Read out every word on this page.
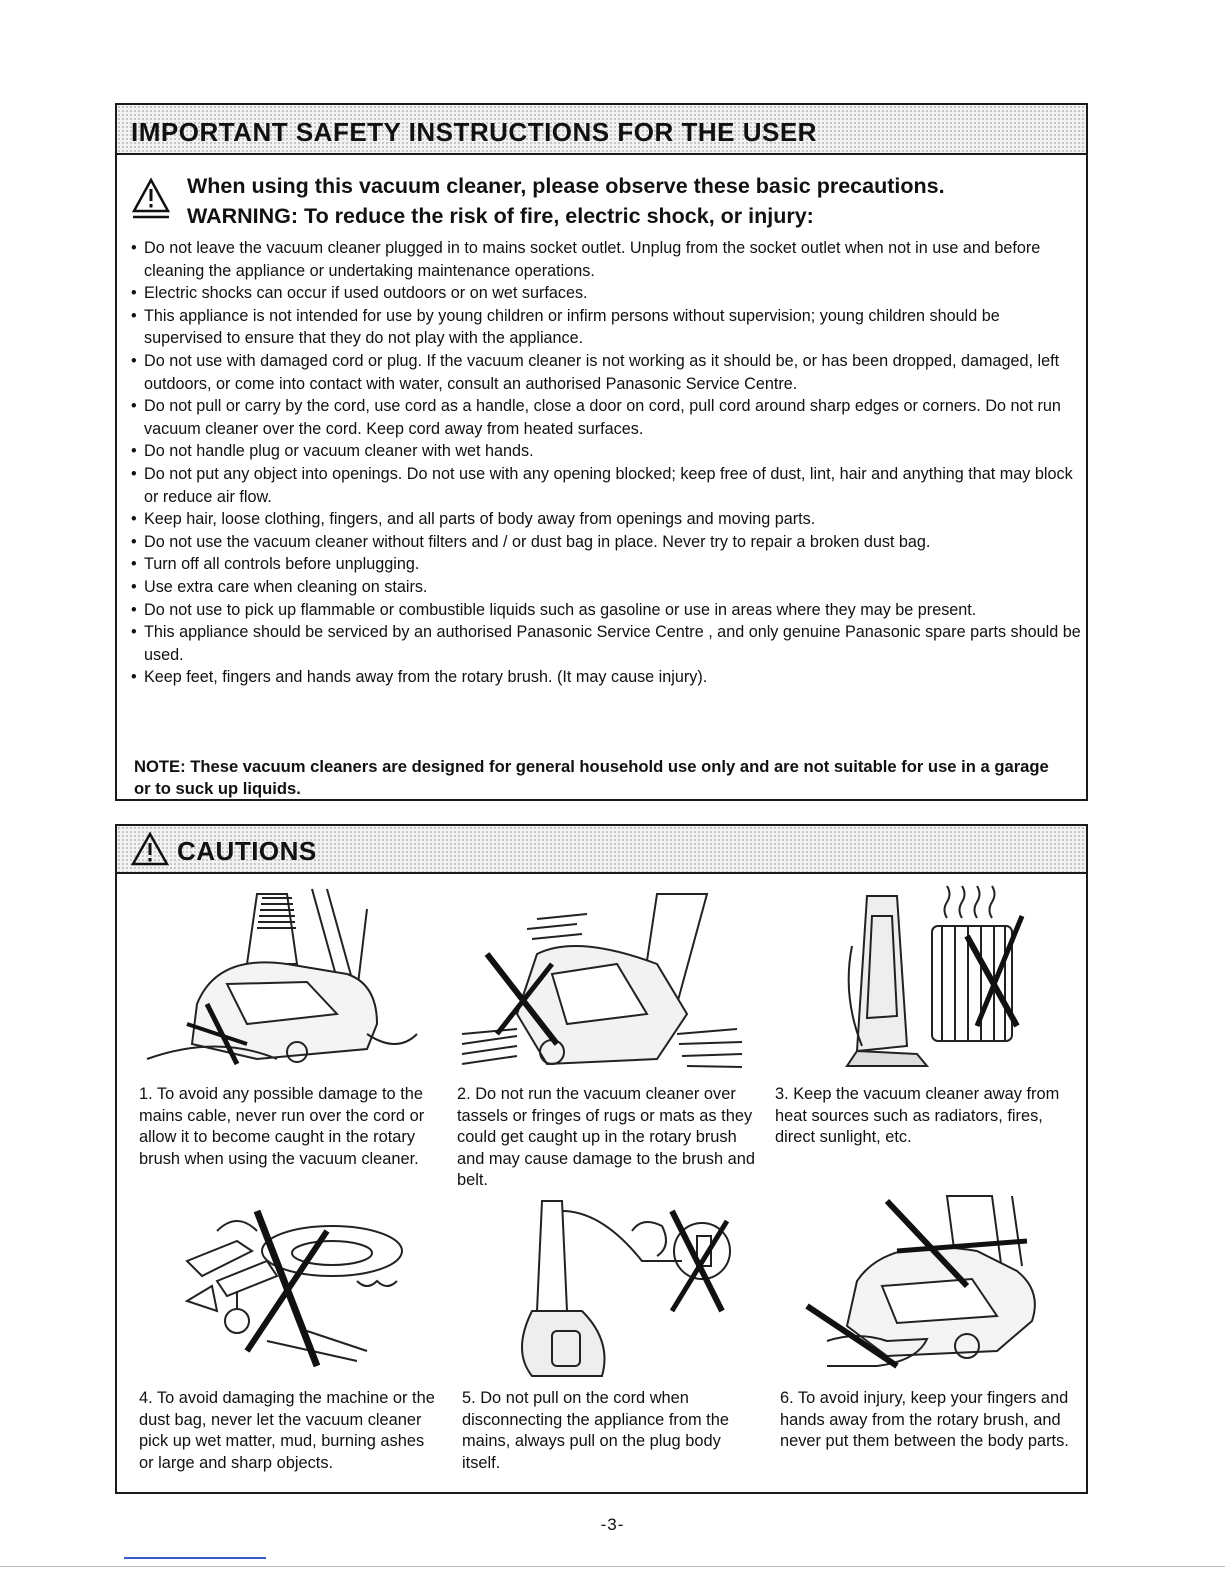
IMPORTANT SAFETY INSTRUCTIONS FOR THE USER
When using this vacuum cleaner, please observe these basic precautions.
WARNING: To reduce the risk of fire, electric shock, or injury:
• Do not leave the vacuum cleaner plugged in to mains socket outlet. Unplug from the socket outlet when not in use and before cleaning the appliance or undertaking maintenance operations.
• Electric shocks can occur if used outdoors or on wet surfaces.
• This appliance is not intended for use by young children or infirm persons without supervision; young children should be supervised to ensure that they do not play with the appliance.
• Do not use with damaged cord or plug. If the vacuum cleaner is not working as it should be, or has been dropped, damaged, left outdoors, or come into contact with water, consult an authorised Panasonic Service Centre.
• Do not pull or carry by the cord, use cord as a handle, close a door on cord, pull cord around sharp edges or corners. Do not run vacuum cleaner over the cord. Keep cord away from heated surfaces.
• Do not handle plug or vacuum cleaner with wet hands.
• Do not put any object into openings. Do not use with any opening blocked; keep free of dust, lint, hair and anything that may block or reduce air flow.
• Keep hair, loose clothing, fingers, and all parts of body away from openings and moving parts.
• Do not use the vacuum cleaner without filters and / or dust bag in place. Never try to repair a broken dust bag.
• Turn off all controls before unplugging.
• Use extra care when cleaning on stairs.
• Do not use to pick up flammable or combustible liquids such as gasoline or use in areas where they may be present.
• This appliance should be serviced by an authorised Panasonic Service Centre , and only genuine Panasonic spare parts should be used.
• Keep feet, fingers and hands away from the rotary brush. (It may cause injury).
NOTE: These vacuum cleaners are designed for general household use only and are not suitable for use in a garage or to suck up liquids.
CAUTIONS

1. To avoid any possible damage to the mains cable, never run over the cord or allow it to become caught in the rotary brush when using the vacuum cleaner.

2. Do not run the vacuum cleaner over tassels or fringes of rugs or mats as they could get caught up in the rotary brush and may cause damage to the brush and belt.

3. Keep the vacuum cleaner away from heat sources such as radiators, fires, direct sunlight, etc.

4. To avoid damaging the machine or the dust bag, never let the vacuum cleaner pick up wet matter, mud, burning ashes or large and sharp objects.

5. Do not pull on the cord when disconnecting the appliance from the mains, always pull on the plug body itself.

6. To avoid injury, keep your fingers and hands away from the rotary brush, and never put them between the body parts.

-3-
